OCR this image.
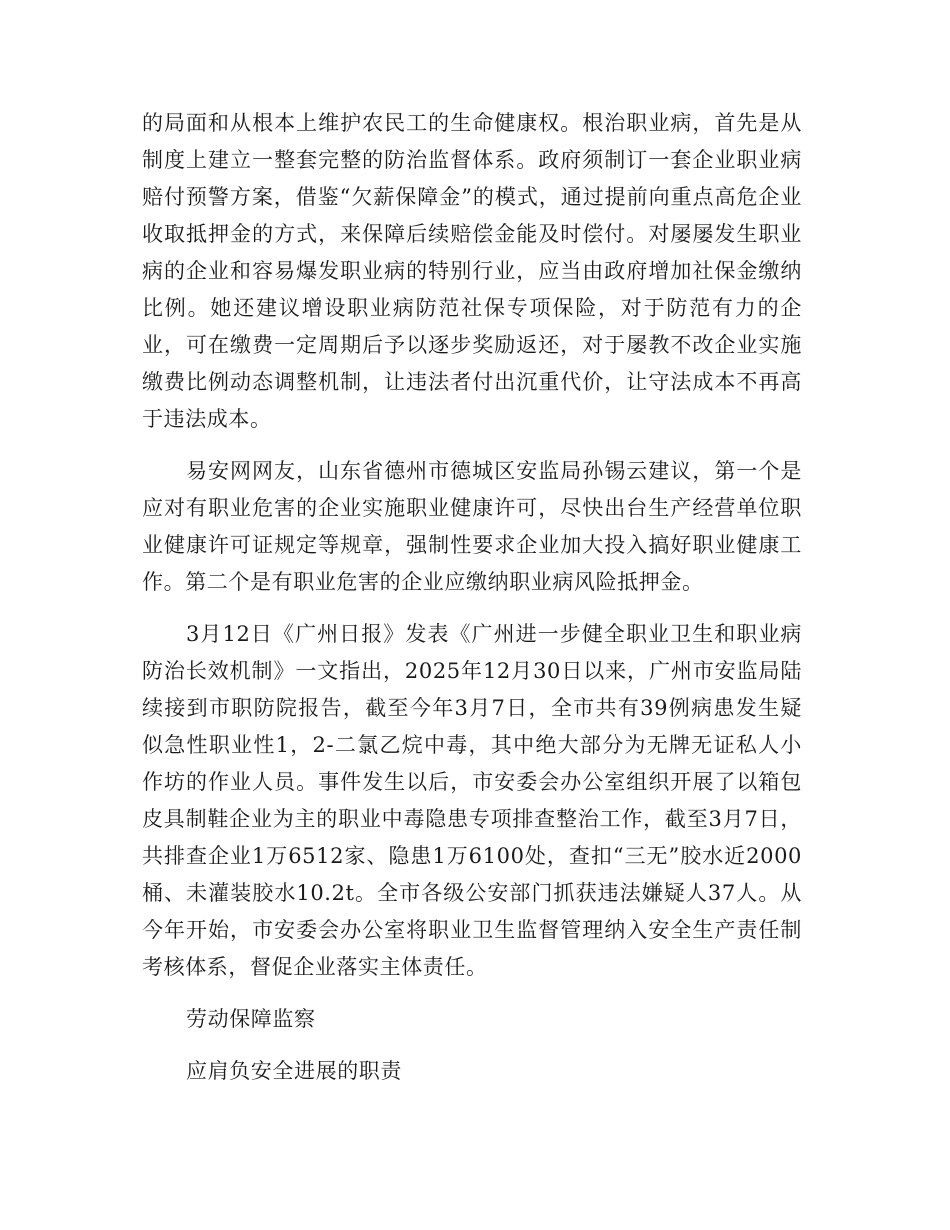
的局面和从根本上维护农民工的生命健康权。根治职业病，首先是从制度上建立一整套完整的防治监督体系。政府须制订一套企业职业病赔付预警方案，借鉴“欠薪保障金”的模式，通过提前向重点高危企业收取抵押金的方式，来保障后续赔偿金能及时偿付。对屡屡发生职业病的企业和容易爆发职业病的特别行业，应当由政府增加社保金缴纳比例。她还建议增设职业病防范社保专项保险，对于防范有力的企业，可在缴费一定周期后予以逐步奖励返还，对于屡教不改企业实施缴费比例动态调整机制，让违法者付出沉重代价，让守法成本不再高于违法成本。

易安网网友，山东省德州市德城区安监局孙锡云建议，第一个是应对有职业危害的企业实施职业健康许可，尽快出台生产经营单位职业健康许可证规定等规章，强制性要求企业加大投入搞好职业健康工作。第二个是有职业危害的企业应缴纳职业病风险抵押金。

3月12日《广州日报》发表《广州进一步健全职业卫生和职业病防治长效机制》一文指出，2025年12月30日以来，广州市安监局陆续接到市职防院报告，截至今年3月7日，全市共有39例病患发生疑似急性职业性1，2-二氯乙烷中毒，其中绝大部分为无牌无证私人小作坊的作业人员。事件发生以后，市安委会办公室组织开展了以箱包皮具制鞋企业为主的职业中毒隐患专项排查整治工作，截至3月7日，共排查企业1万6512家、隐患1万6100处，查扣“三无”胶水近2000桶、未灌装胶水10.2t。全市各级公安部门抓获违法嫌疑人37人。从今年开始，市安委会办公室将职业卫生监督管理纳入安全生产责任制考核体系，督促企业落实主体责任。

劳动保障监察

应肩负安全进展的职责
